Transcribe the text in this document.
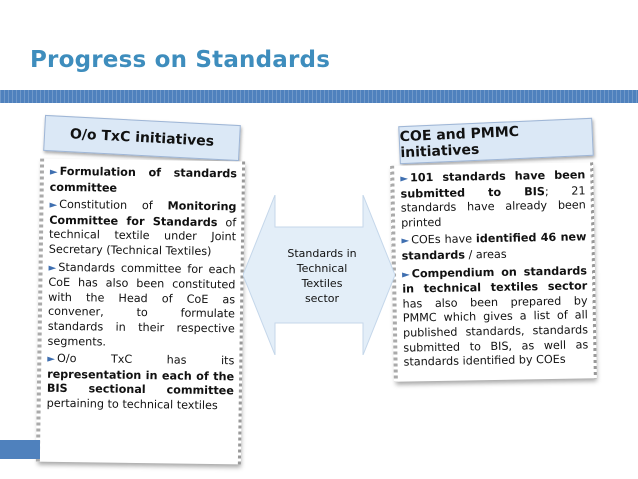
Progress on Standards
O/o TxC initiatives	COE and PMMC initiatives

► Formulation of standards committee

► Constitution of Monitoring Committee for Standards of technical textile under Joint Secretary (Technical Textiles)

► Standards committee for each CoE has also been constituted with the Head of CoE as convener, to formulate standards in their respective segments.

► O/o TxC has its representation in each of the BIS sectional committee pertaining to technical textiles

► 101 standards have been submitted to BIS; 21 standards have already been printed

► COEs have identified 46 new standards / areas

► Compendium on standards in technical textiles sector has also been prepared by PMMC which gives a list of all published standards, standards submitted to BIS, as well as standards identified by COEs

Standards in
Technical
Textiles
sector
